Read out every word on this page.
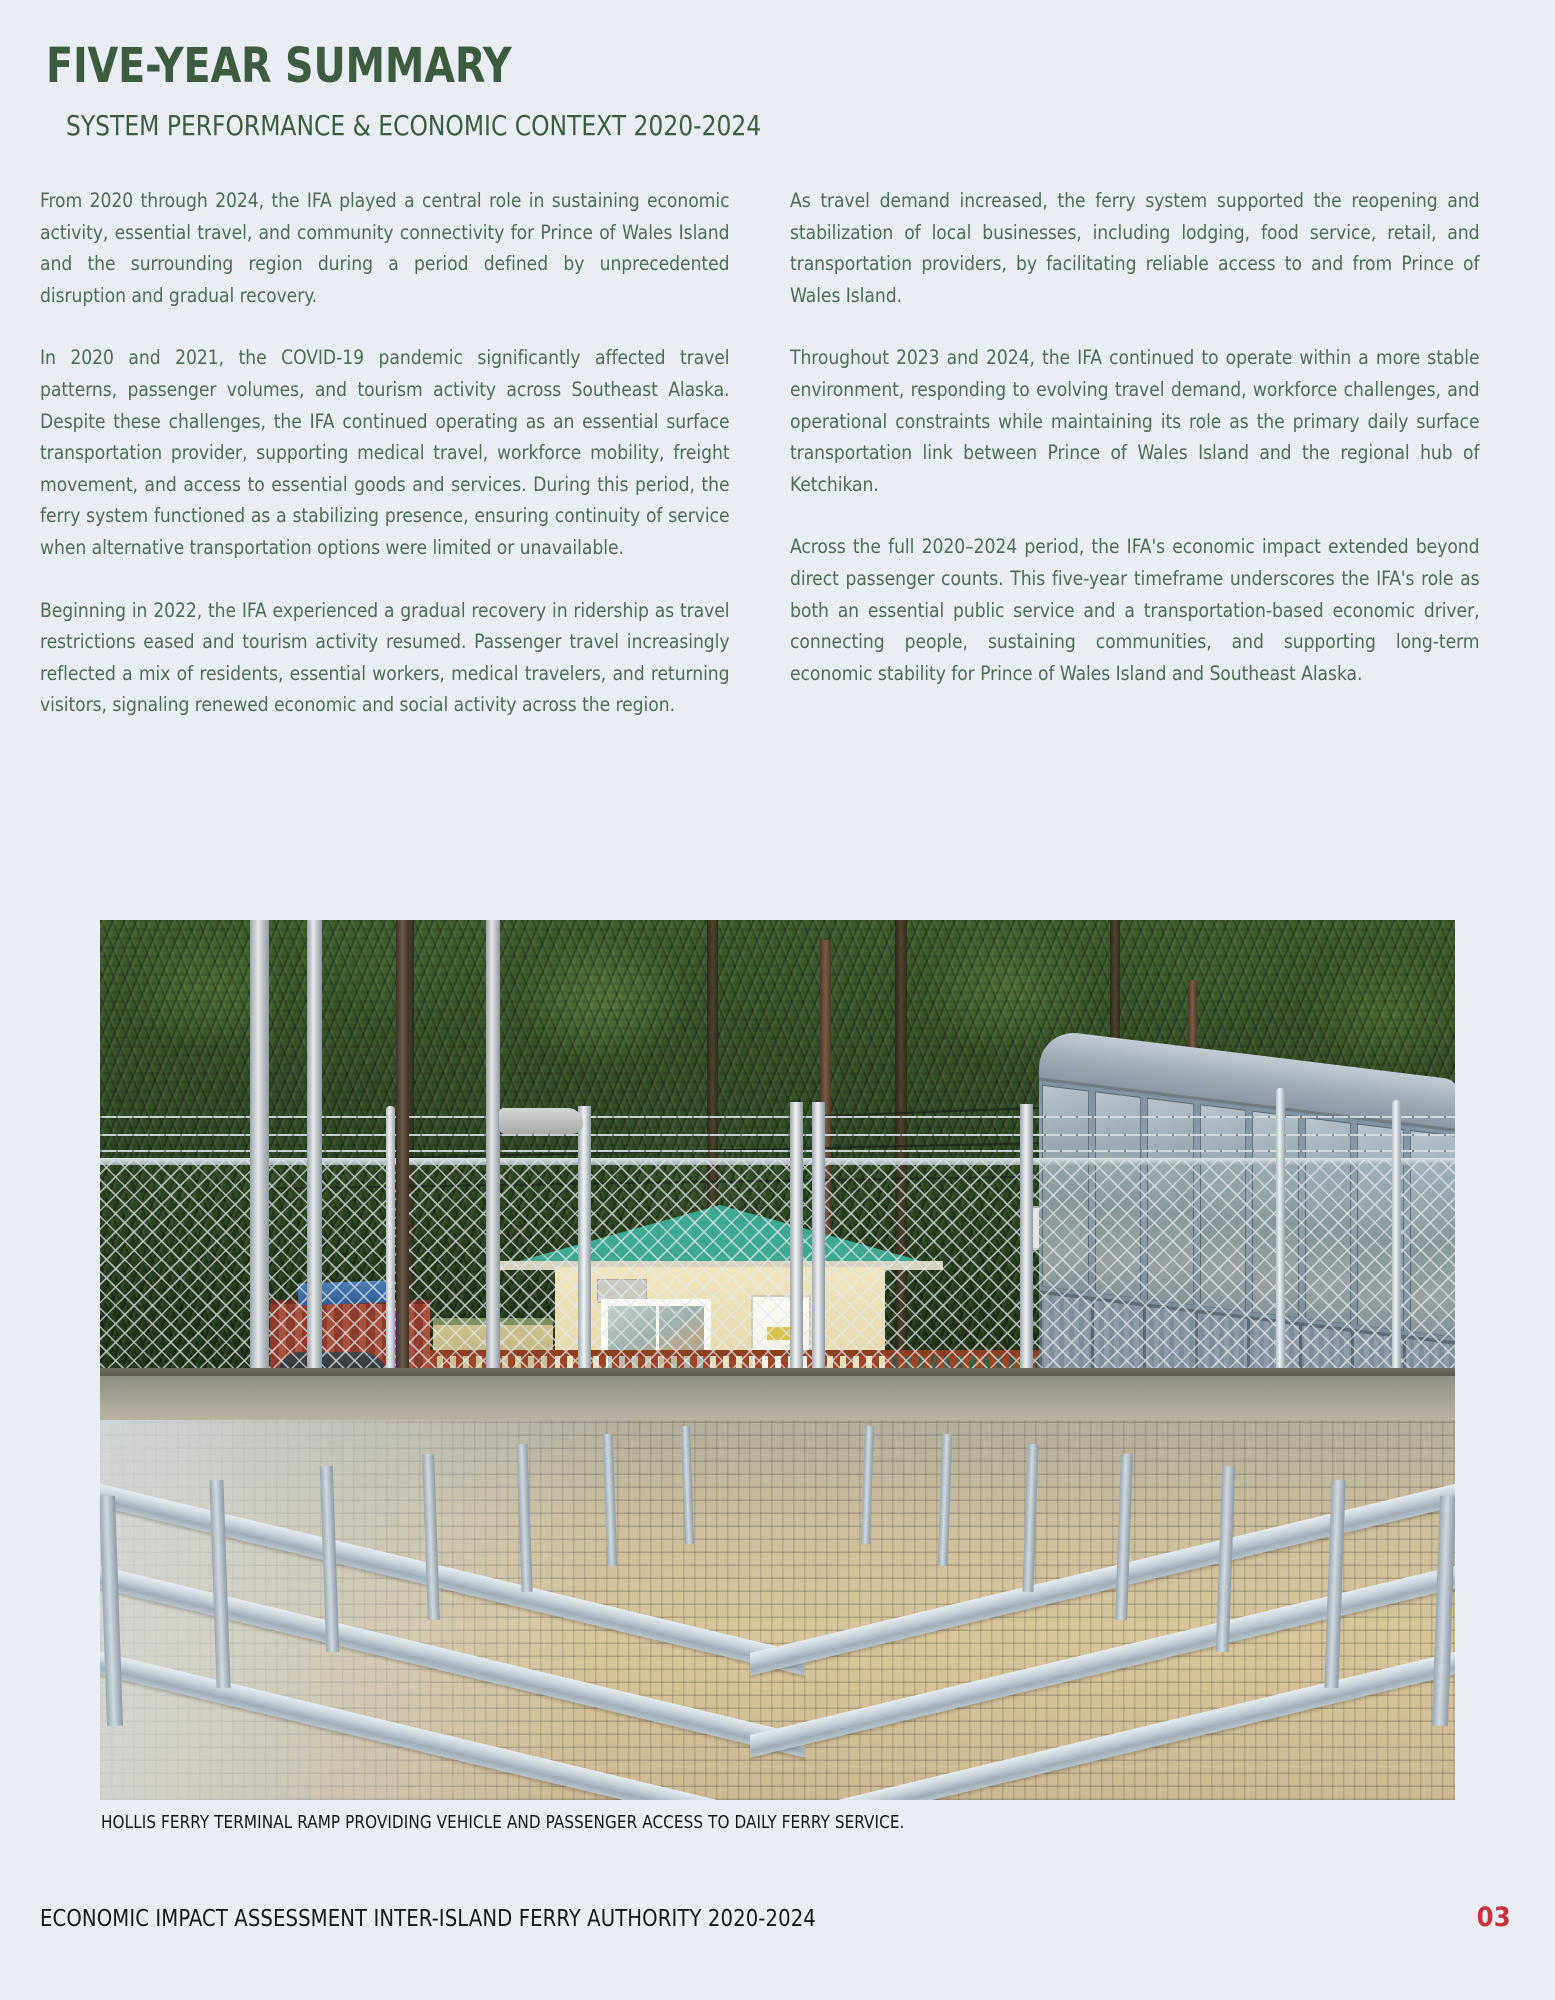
FIVE-YEAR SUMMARY
SYSTEM PERFORMANCE & ECONOMIC CONTEXT 2020-2024

From 2020 through 2024, the IFA played a central role in sustaining economic activity, essential travel, and community connectivity for Prince of Wales Island and the surrounding region during a period defined by unprecedented disruption and gradual recovery.

In 2020 and 2021, the COVID-19 pandemic significantly affected travel patterns, passenger volumes, and tourism activity across Southeast Alaska. Despite these challenges, the IFA continued operating as an essential surface transportation provider, supporting medical travel, workforce mobility, freight movement, and access to essential goods and services. During this period, the ferry system functioned as a stabilizing presence, ensuring continuity of service when alternative transportation options were limited or unavailable.

Beginning in 2022, the IFA experienced a gradual recovery in ridership as travel restrictions eased and tourism activity resumed. Passenger travel increasingly reflected a mix of residents, essential workers, medical travelers, and returning visitors, signaling renewed economic and social activity across the region.

As travel demand increased, the ferry system supported the reopening and stabilization of local businesses, including lodging, food service, retail, and transportation providers, by facilitating reliable access to and from Prince of Wales Island.

Throughout 2023 and 2024, the IFA continued to operate within a more stable environment, responding to evolving travel demand, workforce challenges, and operational constraints while maintaining its role as the primary daily surface transportation link between Prince of Wales Island and the regional hub of Ketchikan.

Across the full 2020–2024 period, the IFA's economic impact extended beyond direct passenger counts. This five-year timeframe underscores the IFA's role as both an essential public service and a transportation-based economic driver, connecting people, sustaining communities, and supporting long-term economic stability for Prince of Wales Island and Southeast Alaska.

HOLLIS FERRY TERMINAL RAMP PROVIDING VEHICLE AND PASSENGER ACCESS TO DAILY FERRY SERVICE.
ECONOMIC IMPACT ASSESSMENT INTER-ISLAND FERRY AUTHORITY 2020-2024	03
